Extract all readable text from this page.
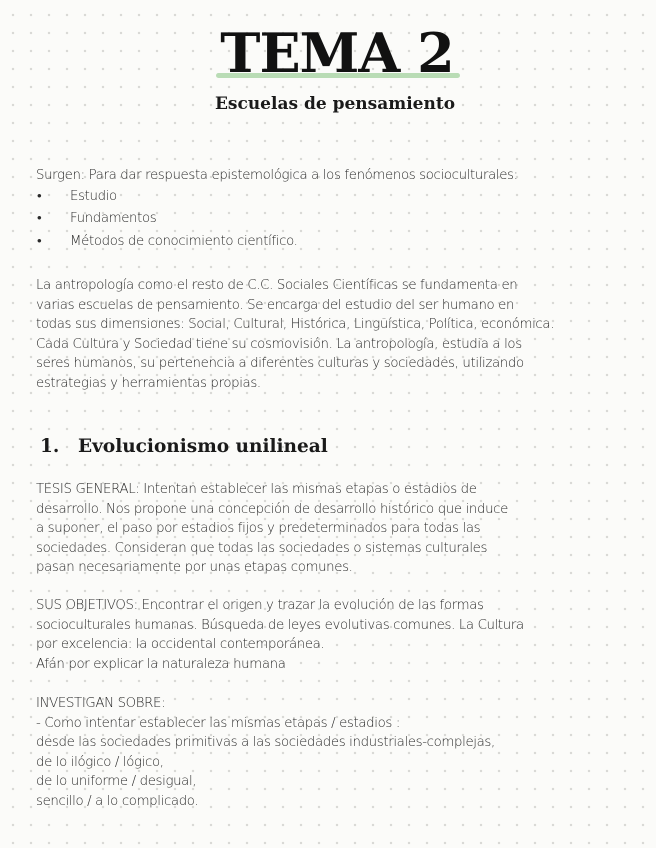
TEMA 2
Escuelas de pensamiento

Surgen: Para dar respuesta epistemológica a los fenómenos socioculturales:

• Estudio
• Fundamentos
• Métodos de conocimiento científico.
La antropología como el resto de C.C. Sociales Científicas se fundamenta en
varias escuelas de pensamiento. Se encarga del estudio del ser humano en
todas sus dimensiones: Social, Cultural, Histórica, Lingüística, Política, económica.
Cada Cultura y Sociedad tiene su cosmovisión. La antropología, estudia a los
seres humanos, su pertenencia a diferentes culturas y sociedades, utilizando
estrategias y herramientas propias.
1. Evolucionismo unilineal
TESIS GENERAL: Intentan establecer las mismas etapas o estadios de
desarrollo. Nos propone una concepción de desarrollo histórico que induce
a suponer, el paso por estadios fijos y predeterminados para todas las
sociedades. Consideran que todas las sociedades o sistemas culturales
pasan necesariamente por unas etapas comunes.
SUS OBJETIVOS: Encontrar el origen y trazar la evolución de las formas
socioculturales humanas. Búsqueda de leyes evolutivas comunes. La Cultura
por excelencia: la occidental contemporánea.
Afán por explicar la naturaleza humana
INVESTIGAN SOBRE:
- Como intentar establecer las mismas etapas / estadios :
desde las sociedades primitivas a las sociedades industriales-complejas,
de lo ilógico / lógico,
de lo uniforme / desigual,
sencillo / a lo complicado.
